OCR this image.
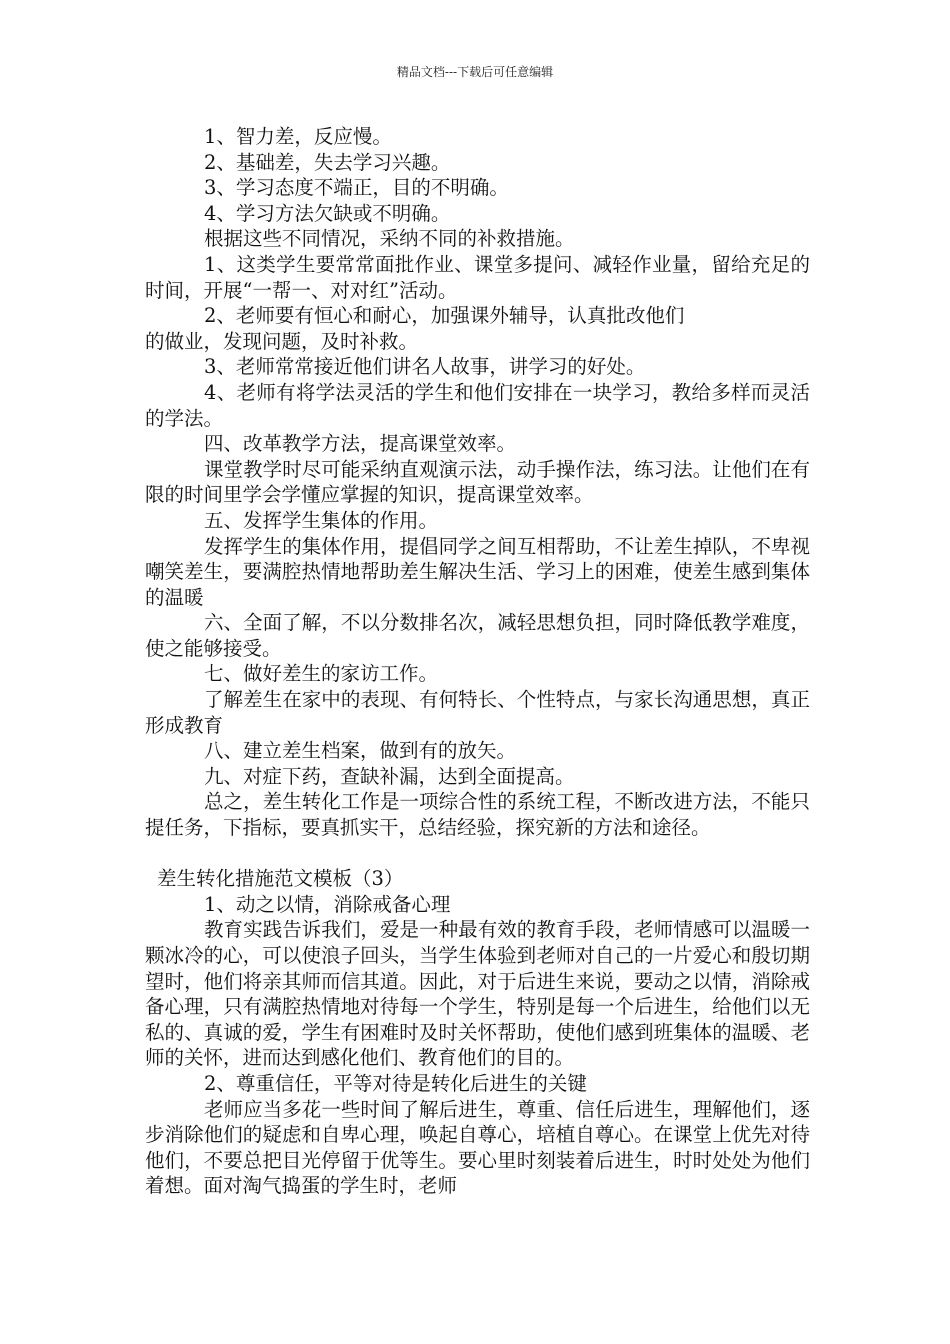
精品文档---下载后可任意编辑

1、智力差，反应慢。

2、基础差，失去学习兴趣。

3、学习态度不端正，目的不明确。

4、学习方法欠缺或不明确。

根据这些不同情况，采纳不同的补救措施。

1、这类学生要常常面批作业、课堂多提问、减轻作业量，留给充足的时间，开展“一帮一、对对红”活动。

2、老师要有恒心和耐心，加强课外辅导，认真批改他们

的做业，发现问题，及时补救。

3、老师常常接近他们讲名人故事，讲学习的好处。

4、老师有将学法灵活的学生和他们安排在一块学习，教给多样而灵活的学法。

四、改革教学方法，提高课堂效率。

课堂教学时尽可能采纳直观演示法，动手操作法，练习法。让他们在有限的时间里学会学懂应掌握的知识，提高课堂效率。

五、发挥学生集体的作用。

发挥学生的集体作用，提倡同学之间互相帮助，不让差生掉队，不卑视嘲笑差生，要满腔热情地帮助差生解决生活、学习上的困难，使差生感到集体的温暖

六、全面了解，不以分数排名次，减轻思想负担，同时降低教学难度，使之能够接受。

七、做好差生的家访工作。

了解差生在家中的表现、有何特长、个性特点，与家长沟通思想，真正形成教育

八、建立差生档案，做到有的放矢。

九、对症下药，查缺补漏，达到全面提高。

总之，差生转化工作是一项综合性的系统工程，不断改进方法，不能只提任务，下指标，要真抓实干，总结经验，探究新的方法和途径。

差生转化措施范文模板（3）

1、动之以情，消除戒备心理

教育实践告诉我们，爱是一种最有效的教育手段，老师情感可以温暖一颗冰冷的心，可以使浪子回头，当学生体验到老师对自己的一片爱心和殷切期望时，他们将亲其师而信其道。因此，对于后进生来说，要动之以情，消除戒备心理，只有满腔热情地对待每一个学生，特别是每一个后进生，给他们以无私的、真诚的爱，学生有困难时及时关怀帮助，使他们感到班集体的温暖、老师的关怀，进而达到感化他们、教育他们的目的。

2、尊重信任，平等对待是转化后进生的关键

老师应当多花一些时间了解后进生，尊重、信任后进生，理解他们，逐步消除他们的疑虑和自卑心理，唤起自尊心，培植自尊心。在课堂上优先对待他们，不要总把目光停留于优等生。要心里时刻装着后进生，时时处处为他们着想。面对淘气捣蛋的学生时，老师
